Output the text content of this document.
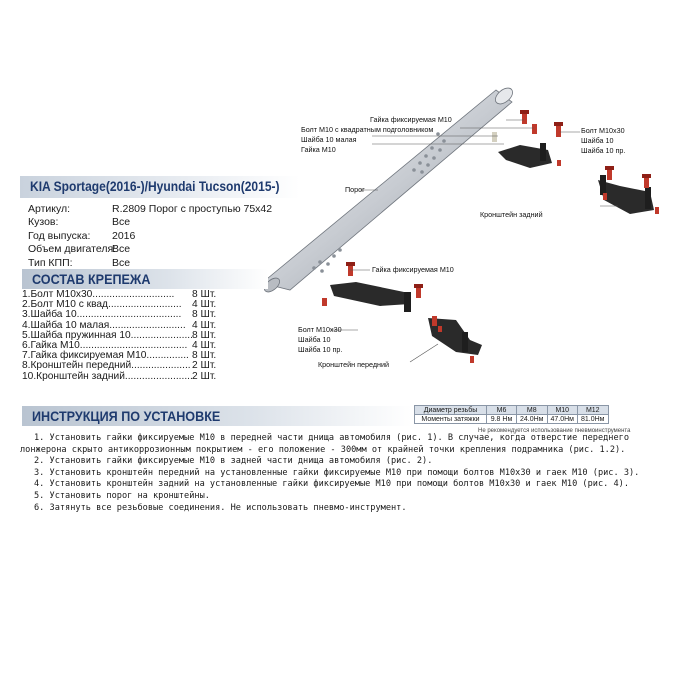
Гайка фиксируемая М10
Болт М10 с квадратным подголовником
Шайба 10 малая
Гайка М10
Болт М10х30
Шайба 10
Шайба 10 пр.
Порог
Кронштейн задний
Гайка фиксируемая М10
Болт М10х30
Шайба 10
Шайба 10 пр.
Кронштейн передний
KIA Sportage(2016-)/Hyundai Tucson(2015-)
Артикул:	R.2809 Порог с проступью 75х42
Кузов:	Все
Год выпуска: 2016
Объем двигателя:
Все
Тип КПП:	Все
СОСТАВ КРЕПЕЖА
1.Болт М10х30............................. 8 Шт.
2.Болт М10 с квад.......................... 4 Шт.
3.Шайба 10..................................... 8 Шт.
4.Шайба 10 малая........................... 4 Шт.
5.Шайба пружинная 10...................... 8 Шт.
6.Гайка М10...................................... 4 Шт.
7.Гайка фиксируемая М10............... 8 Шт.
8.Кронштейн передний..................... 2 Шт.
10.Кронштейн задний........................ 2 Шт.
ИНСТРУКЦИЯ ПО УСТАНОВКЕ	Диаметр резьбы	М6	М8	М10	М12
Моменты затяжки	9.8 Нм	24.0Нм	47.0Нм	81.0Нм
Не рекомендуется использование пневмоинструмента
1. Установить гайки фиксируемые М10 в передней части днища автомобиля (рис. 1). В случае, когда отверстие переднего
лонжерона скрыто антикоррозионным покрытием - его положение - 300мм от крайней точки крепления подрамника (рис. 1.2).
2. Установить гайки фиксируемые М10 в задней части днища автомобиля (рис. 2).
3. Установить кронштейн передний на установленные гайки фиксируемые М10 при помощи болтов М10х30 и гаек М10 (рис. 3).
4. Установить кронштейн задний на установленные гайки фиксируемые М10 при помощи болтов М10х30 и гаек М10 (рис. 4).
5. Установить порог на кронштейны.
6. Затянуть все резьбовые соединения. Не использовать пневмо-инструмент.
